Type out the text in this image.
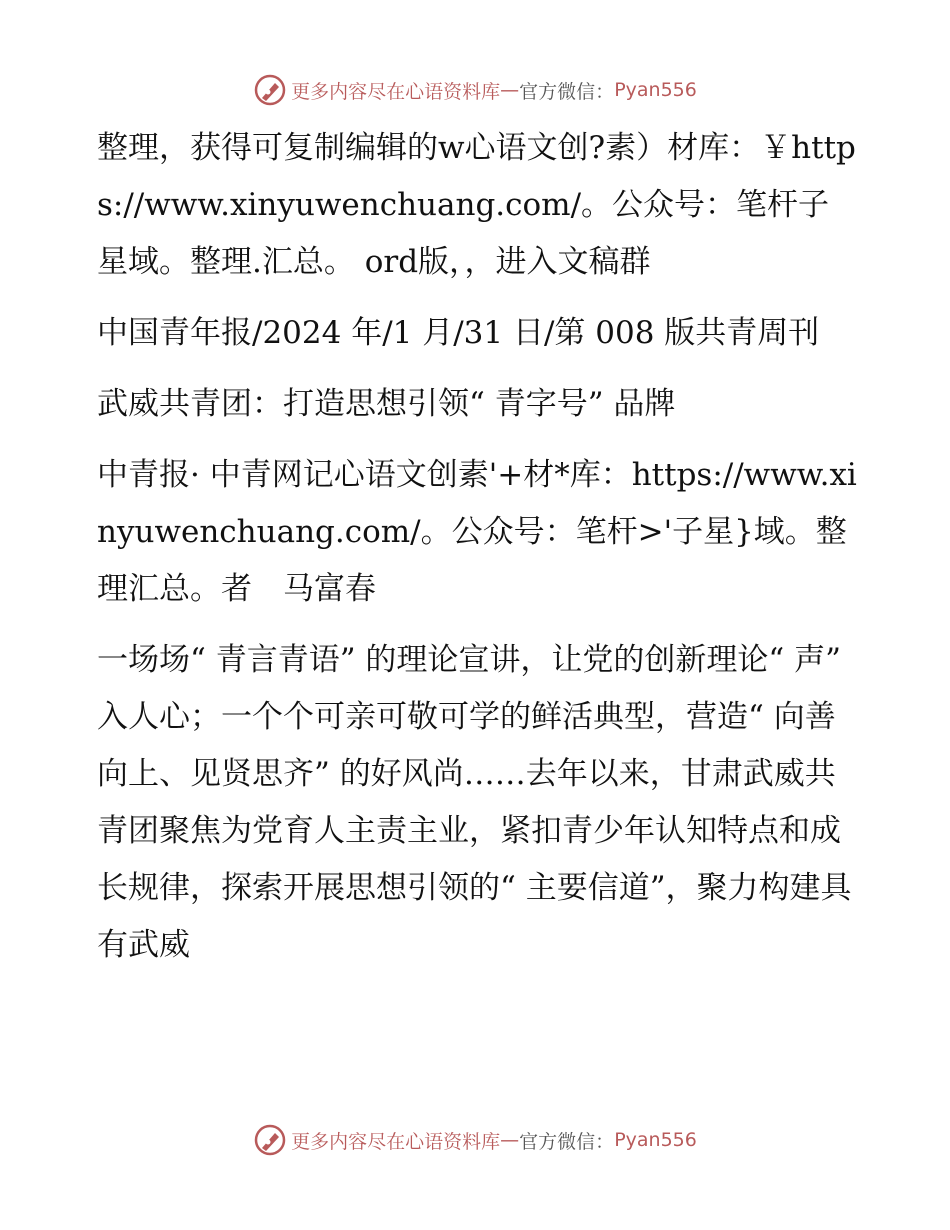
更多内容尽在心语资料库 — 官方微信： Pyan556

整理，获得可复制编辑的w心语文创?素）材库：￥https://www.xinyuwenchuang.com/。公众号：笔杆子星域。整理.汇总。 ord版，，进入文稿群

中国青年报/2024 年/1 月/31 日/第 008 版共青周刊

武威共青团：打造思想引领“ 青字号” 品牌

中青报· 中青网记心语文创素'+材*库：https://www.xinyuwenchuang.com/。公众号：笔杆>'子星}域。整理汇总。者　马富春

一场场“ 青言青语” 的理论宣讲，让党的创新理论“ 声” 入人心；一个个可亲可敬可学的鲜活典型，营造“ 向善向上、见贤思齐” 的好风尚……去年以来，甘肃武威共青团聚焦为党育人主责主业，紧扣青少年认知特点和成长规律，探索开展思想引领的“ 主要信道”，聚力构建具有武威

更多内容尽在心语资料库 — 官方微信： Pyan556
